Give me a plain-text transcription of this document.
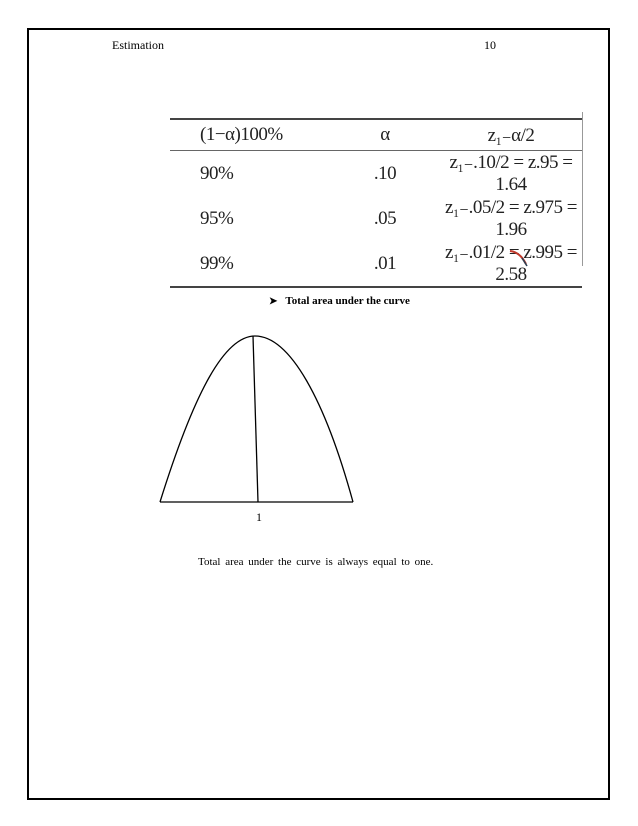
Estimation	10
(1−α)100%	α	z₁₋α/2
90%	.10	z₁₋.10/2 = z.95 = 1.64
95%	.05	z₁₋.05/2 = z.975 = 1.96
99%	.01	z₁₋.01/2 = z.995 = 2.58
➤ Total area under the curve
1
Total area under the curve is always equal to one.
